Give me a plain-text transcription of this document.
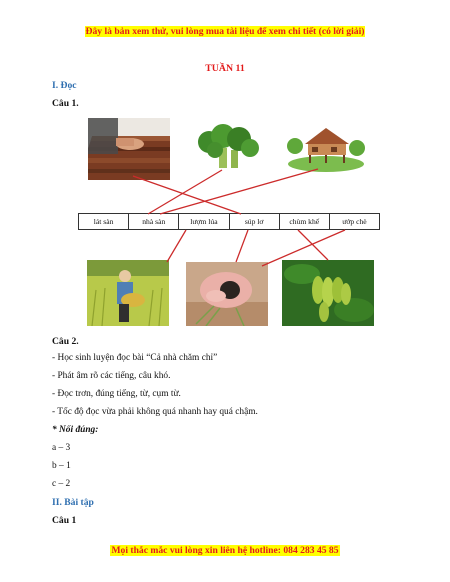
Đây là bản xem thử, vui lòng mua tài liệu để xem chi tiết (có lời giải)
TUẦN 11
I. Đọc
Câu 1.
lát sàn	nhà sàn	lượm lúa	súp lơ	chùm khế	ướp chè
Câu 2.
- Học sinh luyện đọc bài “Cả nhà chăm chỉ”
- Phát âm rõ các tiếng, câu khó.
- Đọc trơn, đúng tiếng, từ, cụm từ.
- Tốc độ đọc vừa phải không quá nhanh hay quá chậm.
* Nối đúng:
a – 3
b – 1
c – 2
II. Bài tập
Câu 1
Mọi thắc mắc vui lòng xin liên hệ hotline: 084 283 45 85
